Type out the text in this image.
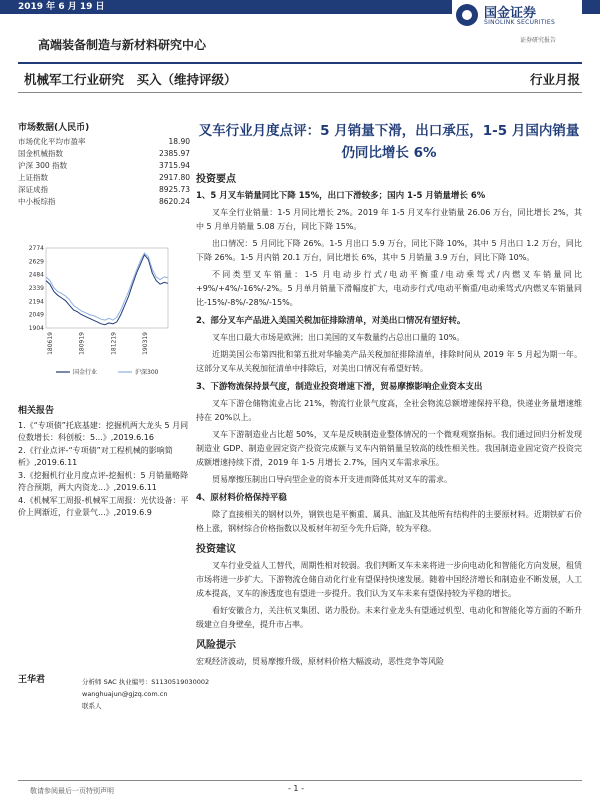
2019 年 6 月 19 日	国金证券
SINOLINK SECURITIES
证券研究报告
高端装备制造与新材料研究中心
机械军工行业研究　买入（维持评级）	行业月报
市场数据(人民币)
市场优化平均市盈率	18.90
国金机械指数	2385.97
沪深 300 指数	3715.94
上证指数	2917.80
深证成指	8925.73
中小板综指	8620.24
2774
2629
2484
2339
2194
2049
1904
180619	180919	181219	190319
国金行业	沪深300
相关报告
1.《“专项债”托底基建：挖掘机两大龙头 5 月同位数增长：科创板：5...》,2019.6.16
2.《行业点评-“专项债”对工程机械的影响简析》,2019.6.11
3.《挖掘机行业月度点评-挖掘机：5 月销量略降符合预期，两大内资龙...》,2019.6.11
4.《机械军工周报-机械军工周报：光伏设备：平价上网渐近，行业景气...》,2019.6.9
王华君	分析师 SAC 执业编号：S1130519030002
wanghuajun@gjzq.com.cn
联系人
叉车行业月度点评：5 月销量下滑，出口承压，1-5 月国内销量仍同比增长 6%
投资要点
1、5 月叉车销量同比下降 15%，出口下滑较多；国内 1-5 月销量增长 6%
叉车全行业销量：1-5 月同比增长 2%。2019 年 1-5 月叉车行业销量 26.06 万台，同比增长 2%，其中 5 月单月销量 5.08 万台，同比下降 15%。
出口情况：5 月同比下降 26%。1-5 月出口 5.9 万台，同比下降 10%，其中 5 月出口 1.2 万台，同比下降 26%。1-5 月内销 20.1 万台，同比增长 6%，其中 5 月销量 3.9 万台，同比下降 10%。
不同类型叉车销量：1-5 月电动步行式/电动平衡重/电动乘驾式/内燃叉车销量同比+9%/+4%/-16%/-2%。5 月单月销量下滑幅度扩大，电动步行式/电动平衡重/电动乘驾式/内燃叉车销量同比-15%/-8%/-28%/-15%。
2、部分叉车产品进入美国关税加征排除清单，对美出口情况有望好转。
叉车出口最大市场是欧洲；出口美国的叉车数量约占总出口量的 10%。
近期美国公布第四批和第五批对华输美产品关税加征排除清单，排除时间从 2019 年 5 月起为期一年。这部分叉车从关税加征清单中排除后，对美出口情况有希望好转。
3、下游物流保持景气度，制造业投资增速下滑，贸易摩擦影响企业资本支出
叉车下游仓储物流业占比 21%，物流行业景气度高，全社会物流总额增速保持平稳，快递业务量增速维持在 20%以上。
叉车下游制造业占比超 50%，叉车是反映制造业整体情况的一个微观观察指标。我们通过回归分析发现制造业 GDP、制造业固定资产投资完成额与叉车内销销量呈较高的线性相关性。我国制造业固定资产投资完成额增速持续下滑，2019 年 1-5 月增长 2.7%，国内叉车需求承压。
贸易摩擦压制出口导向型企业的资本开支进而降低其对叉车的需求。
4、原材料价格保持平稳
除了直接相关的钢材以外，钢铁也是平衡重、属具、油缸及其他所有结构件的主要原材料。近期铁矿石价格上涨，钢材综合价格指数以及板材年初至今先升后降，较为平稳。
投资建议
叉车行业受益人工替代，周期性相对较弱。我们判断叉车未来将进一步向电动化和智能化方向发展，租赁市场将进一步扩大。下游物流仓储自动化行业有望保持快速发展。随着中国经济增长和制造业不断发展，人工成本提高，叉车的渗透度也有望进一步提升。我们认为叉车未来有望保持较为平稳的增长。
看好安徽合力，关注杭叉集团、诺力股份。未来行业龙头有望通过机型、电动化和智能化等方面的不断升级建立自身壁垒，提升市占率。
风险提示
宏观经济波动，贸易摩擦升级，原材料价格大幅波动，恶性竞争等风险
敬请参阅最后一页特别声明	- 1 -
